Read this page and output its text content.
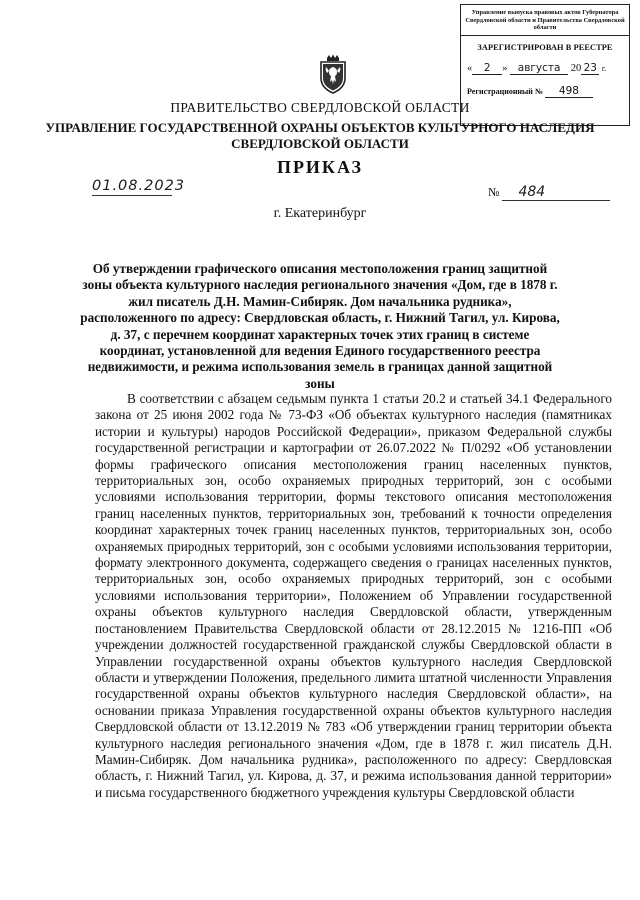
Управление выпуска правовых актов Губернатора Свердловской области и Правительства Свердловской области
ЗАРЕГИСТРИРОВАН В РЕЕСТРЕ
« 2 » августа 20 23 г.
Регистрационный № 498
ПРАВИТЕЛЬСТВО СВЕРДЛОВСКОЙ ОБЛАСТИ
УПРАВЛЕНИЕ ГОСУДАРСТВЕННОЙ ОХРАНЫ ОБЪЕКТОВ КУЛЬТУРНОГО НАСЛЕДИЯ СВЕРДЛОВСКОЙ ОБЛАСТИ
ПРИКАЗ
01.08.2023	№ 484
г. Екатеринбург
Об утверждении графического описания местоположения границ защитной зоны объекта культурного наследия регионального значения «Дом, где в 1878 г. жил писатель Д.Н. Мамин-Сибиряк. Дом начальника рудника», расположенного по адресу: Свердловская область, г. Нижний Тагил, ул. Кирова, д. 37, с перечнем координат характерных точек этих границ в системе координат, установленной для ведения Единого государственного реестра недвижимости, и режима использования земель в границах данной защитной зоны

В соответствии с абзацем седьмым пункта 1 статьи 20.2 и статьей 34.1 Федерального закона от 25 июня 2002 года № 73-ФЗ «Об объектах культурного наследия (памятниках истории и культуры) народов Российской Федерации», приказом Федеральной службы государственной регистрации и картографии от 26.07.2022 № П/0292 «Об установлении формы графического описания местоположения границ населенных пунктов, территориальных зон, особо охраняемых природных территорий, зон с особыми условиями использования территории, формы текстового описания местоположения границ населенных пунктов, территориальных зон, требований к точности определения координат характерных точек границ населенных пунктов, территориальных зон, особо охраняемых природных территорий, зон с особыми условиями использования территории, формату электронного документа, содержащего сведения о границах населенных пунктов, территориальных зон, особо охраняемых природных территорий, зон с особыми условиями использования территории», Положением об Управлении государственной охраны объектов культурного наследия Свердловской области, утвержденным постановлением Правительства Свердловской области от 28.12.2015 № 1216-ПП «Об учреждении должностей государственной гражданской службы Свердловской области в Управлении государственной охраны объектов культурного наследия Свердловской области и утверждении Положения, предельного лимита штатной численности Управления государственной охраны объектов культурного наследия Свердловской области», на основании приказа Управления государственной охраны объектов культурного наследия Свердловской области от 13.12.2019 № 783 «Об утверждении границ территории объекта культурного наследия регионального значения «Дом, где в 1878 г. жил писатель Д.Н. Мамин-Сибиряк. Дом начальника рудника», расположенного по адресу: Свердловская область, г. Нижний Тагил, ул. Кирова, д. 37, и режима использования данной территории» и письма государственного бюджетного учреждения культуры Свердловской области
